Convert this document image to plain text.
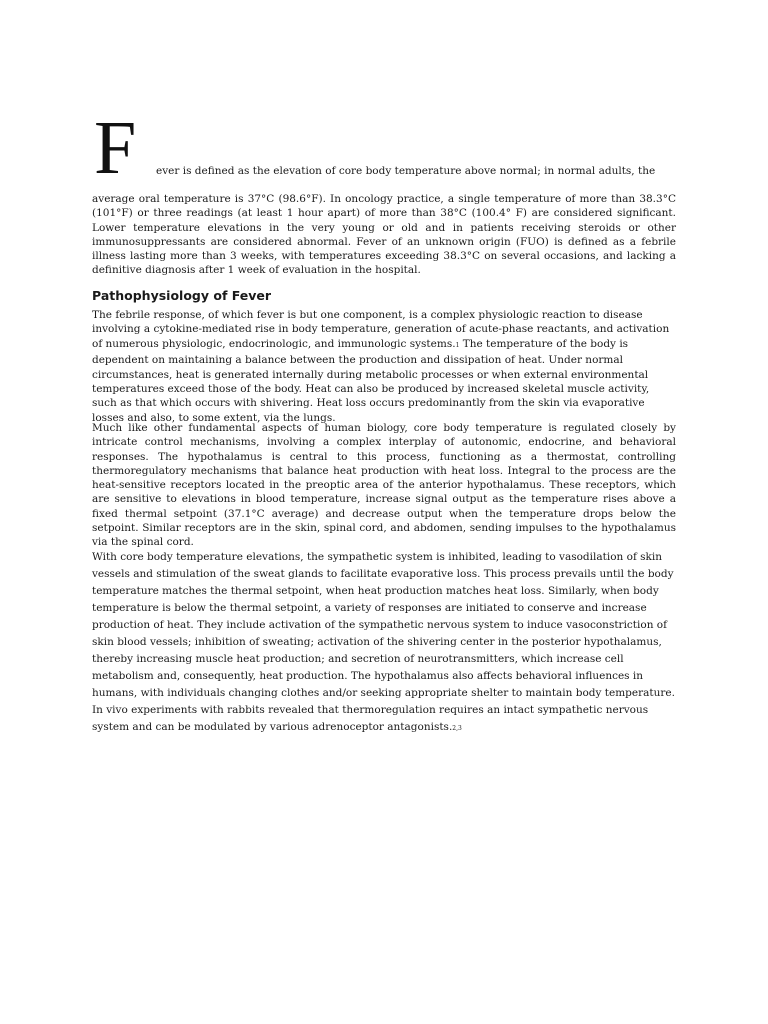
F ever is defined as the elevation of core body temperature above normal; in normal adults, the

average oral temperature is 37°C (98.6°F). In oncology practice, a single temperature of more than 38.3°C (101°F) or three readings (at least 1 hour apart) of more than 38°C (100.4° F) are considered significant. Lower temperature elevations in the very young or old and in patients receiving steroids or other immunosuppressants are considered abnormal. Fever of an unknown origin (FUO) is defined as a febrile illness lasting more than 3 weeks, with temperatures exceeding 38.3°C on several occasions, and lacking a definitive diagnosis after 1 week of evaluation in the hospital.

Pathophysiology of Fever

The febrile response, of which fever is but one component, is a complex physiologic reaction to disease involving a cytokine-mediated rise in body temperature, generation of acute-phase reactants, and activation of numerous physiologic, endocrinologic, and immunologic systems.1 The temperature of the body is dependent on maintaining a balance between the production and dissipation of heat. Under normal circumstances, heat is generated internally during metabolic processes or when external environmental temperatures exceed those of the body. Heat can also be produced by increased skeletal muscle activity, such as that which occurs with shivering. Heat loss occurs predominantly from the skin via evaporative losses and also, to some extent, via the lungs.

Much like other fundamental aspects of human biology, core body temperature is regulated closely by intricate control mechanisms, involving a complex interplay of autonomic, endocrine, and behavioral responses. The hypothalamus is central to this process, functioning as a thermostat, controlling thermoregulatory mechanisms that balance heat production with heat loss. Integral to the process are the heat-sensitive receptors located in the preoptic area of the anterior hypothalamus. These receptors, which are sensitive to elevations in blood temperature, increase signal output as the temperature rises above a fixed thermal setpoint (37.1°C average) and decrease output when the temperature drops below the setpoint. Similar receptors are in the skin, spinal cord, and abdomen, sending impulses to the hypothalamus via the spinal cord.

With core body temperature elevations, the sympathetic system is inhibited, leading to vasodilation of skin vessels and stimulation of the sweat glands to facilitate evaporative loss. This process prevails until the body temperature matches the thermal setpoint, when heat production matches heat loss. Similarly, when body temperature is below the thermal setpoint, a variety of responses are initiated to conserve and increase production of heat. They include activation of the sympathetic nervous system to induce vasoconstriction of skin blood vessels; inhibition of sweating; activation of the shivering center in the posterior hypothalamus, thereby increasing muscle heat production; and secretion of neurotransmitters, which increase cell metabolism and, consequently, heat production. The hypothalamus also affects behavioral influences in humans, with individuals changing clothes and/or seeking appropriate shelter to maintain body temperature. In vivo experiments with rabbits revealed that thermoregulation requires an intact sympathetic nervous system and can be modulated by various adrenoceptor antagonists.2,3
